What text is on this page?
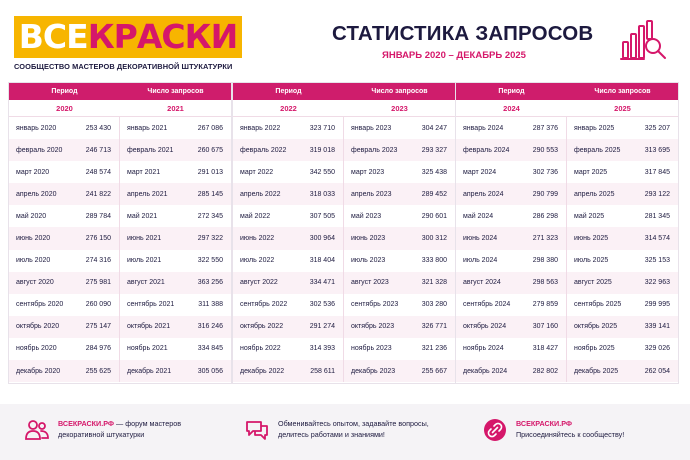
ВСЕКРАСКИ
СООБЩЕСТВО МАСТЕРОВ ДЕКОРАТИВНОЙ ШТУКАТУРКИ
СТАТИСТИКА ЗАПРОСОВ
ЯНВАРЬ 2020 – ДЕКАБРЬ 2025
Период	Число запросов
2020	2021
январь 2020	253 430
февраль 2020	246 713
март 2020	248 574
апрель 2020	241 822
май 2020	289 784
июнь 2020	276 150
июль 2020	274 316
август 2020	275 981
сентябрь 2020	260 090
октябрь 2020	275 147
ноябрь 2020	284 976
декабрь 2020	255 625
январь 2021	267 086
февраль 2021	260 675
март 2021	291 013
апрель 2021	285 145
май 2021	272 345
июнь 2021	297 322
июль 2021	322 550
август 2021	363 256
сентябрь 2021	311 388
октябрь 2021	316 246
ноябрь 2021	334 845
декабрь 2021	305 056
Период	Число запросов
2022	2023
январь 2022	323 710
февраль 2022	319 018
март 2022	342 550
апрель 2022	318 033
май 2022	307 505
июнь 2022	300 964
июль 2022	318 404
август 2022	334 471
сентябрь 2022	302 536
октябрь 2022	291 274
ноябрь 2022	314 393
декабрь 2022	258 611
январь 2023	304 247
февраль 2023	293 327
март 2023	325 438
апрель 2023	289 452
май 2023	290 601
июнь 2023	300 312
июль 2023	333 800
август 2023	321 328
сентябрь 2023	303 280
октябрь 2023	326 771
ноябрь 2023	321 236
декабрь 2023	255 667
Период	Число запросов
2024	2025
январь 2024	287 376
февраль 2024	290 553
март 2024	302 736
апрель 2024	290 799
май 2024	286 298
июнь 2024	271 323
июль 2024	298 380
август 2024	298 563
сентябрь 2024	279 859
октябрь 2024	307 160
ноябрь 2024	318 427
декабрь 2024	282 802
январь 2025	325 207
февраль 2025	313 695
март 2025	317 845
апрель 2025	293 122
май 2025	281 345
июнь 2025	314 574
июль 2025	325 153
август 2025	322 963
сентябрь 2025	299 995
октябрь 2025	339 141
ноябрь 2025	329 026
декабрь 2025	262 054
ВСЕКРАСКИ.РФ — форум мастеров
декоративной штукатурки
Обменивайтесь опытом, задавайте вопросы,
делитесь работами и знаниями!
ВСЕКРАСКИ.РФ
Присоединяйтесь к сообществу!
